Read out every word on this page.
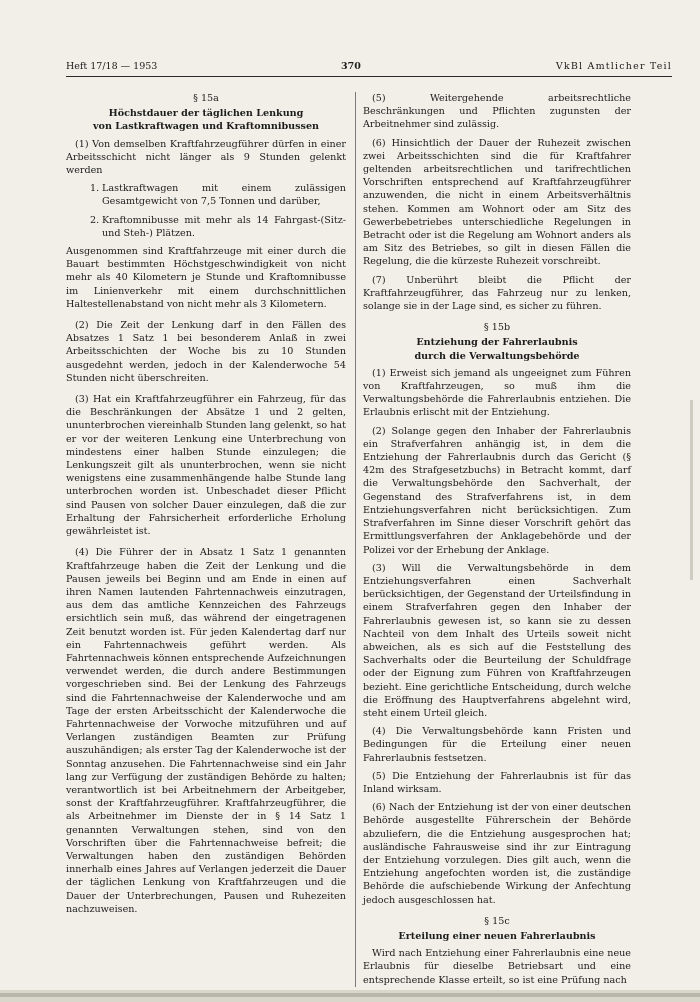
Heft 17/18 — 1953	370	VkBl Amtlicher Teil
§ 15a
Höchstdauer der täglichen Lenkung
von Lastkraftwagen und Kraftomnibussen

(1) Von demselben Kraftfahrzeugführer dürfen in einer Arbeitsschicht nicht länger als 9 Stunden gelenkt werden

1. Lastkraftwagen mit einem zulässigen Gesamtgewicht von 7,5 Tonnen und darüber,
2. Kraftomnibusse mit mehr als 14 Fahrgast-(Sitz- und Steh-) Plätzen.

Ausgenommen sind Kraftfahrzeuge mit einer durch die Bauart bestimmten Höchstgeschwindigkeit von nicht mehr als 40 Kilometern je Stunde und Kraftomnibusse im Linienverkehr mit einem durchschnittlichen Haltestellenabstand von nicht mehr als 3 Kilometern.

(2) Die Zeit der Lenkung darf in den Fällen des Absatzes 1 Satz 1 bei besonderem Anlaß in zwei Arbeitsschichten der Woche bis zu 10 Stunden ausgedehnt werden, jedoch in der Kalenderwoche 54 Stunden nicht überschreiten.

(3) Hat ein Kraftfahrzeugführer ein Fahrzeug, für das die Beschränkungen der Absätze 1 und 2 gelten, ununterbrochen viereinhalb Stunden lang gelenkt, so hat er vor der weiteren Lenkung eine Unterbrechung von mindestens einer halben Stunde einzulegen; die Lenkungszeit gilt als ununterbrochen, wenn sie nicht wenigstens eine zusammenhängende halbe Stunde lang unterbrochen worden ist. Unbeschadet dieser Pflicht sind Pausen von solcher Dauer einzulegen, daß die zur Erhaltung der Fahrsicherheit erforderliche Erholung gewährleistet ist.

(4) Die Führer der in Absatz 1 Satz 1 genannten Kraftfahrzeuge haben die Zeit der Lenkung und die Pausen jeweils bei Beginn und am Ende in einen auf ihren Namen lautenden Fahrtennachweis einzutragen, aus dem das amtliche Kennzeichen des Fahrzeugs ersichtlich sein muß, das während der eingetragenen Zeit benutzt worden ist. Für jeden Kalendertag darf nur ein Fahrtennachweis geführt werden. Als Fahrtennachweis können entsprechende Aufzeichnungen verwendet werden, die durch andere Bestimmungen vorgeschrieben sind. Bei der Lenkung des Fahrzeugs sind die Fahrtennachweise der Kalenderwoche und am Tage der ersten Arbeitsschicht der Kalenderwoche die Fahrtennachweise der Vorwoche mitzuführen und auf Verlangen zuständigen Beamten zur Prüfung auszuhändigen; als erster Tag der Kalenderwoche ist der Sonntag anzusehen. Die Fahrtennachweise sind ein Jahr lang zur Verfügung der zuständigen Behörde zu halten; verantwortlich ist bei Arbeitnehmern der Arbeitgeber, sonst der Kraftfahrzeugführer. Kraftfahrzeugführer, die als Arbeitnehmer im Dienste der in § 14 Satz 1 genannten Verwaltungen stehen, sind von den Vorschriften über die Fahrtennachweise befreit; die Verwaltungen haben den zuständigen Behörden innerhalb eines Jahres auf Verlangen jederzeit die Dauer der täglichen Lenkung von Kraftfahrzeugen und die Dauer der Unterbrechungen, Pausen und Ruhezeiten nachzuweisen.

(5) Weitergehende arbeitsrechtliche Beschränkungen und Pflichten zugunsten der Arbeitnehmer sind zulässig.

(6) Hinsichtlich der Dauer der Ruhezeit zwischen zwei Arbeitsschichten sind die für Kraftfahrer geltenden arbeitsrechtlichen und tarifrechtlichen Vorschriften entsprechend auf Kraftfahrzeugführer anzuwenden, die nicht in einem Arbeitsverhältnis stehen. Kommen am Wohnort oder am Sitz des Gewerbebetriebes unterschiedliche Regelungen in Betracht oder ist die Regelung am Wohnort anders als am Sitz des Betriebes, so gilt in diesen Fällen die Regelung, die die kürzeste Ruhezeit vorschreibt.

(7) Unberührt bleibt die Pflicht der Kraftfahrzeugführer, das Fahrzeug nur zu lenken, solange sie in der Lage sind, es sicher zu führen.

§ 15b
Entziehung der Fahrerlaubnis
durch die Verwaltungsbehörde

(1) Erweist sich jemand als ungeeignet zum Führen von Kraftfahrzeugen, so muß ihm die Verwaltungsbehörde die Fahrerlaubnis entziehen. Die Erlaubnis erlischt mit der Entziehung.

(2) Solange gegen den Inhaber der Fahrerlaubnis ein Strafverfahren anhängig ist, in dem die Entziehung der Fahrerlaubnis durch das Gericht (§ 42m des Strafgesetzbuchs) in Betracht kommt, darf die Verwaltungsbehörde den Sachverhalt, der Gegenstand des Strafverfahrens ist, in dem Entziehungsverfahren nicht berücksichtigen. Zum Strafverfahren im Sinne dieser Vorschrift gehört das Ermittlungsverfahren der Anklagebehörde und der Polizei vor der Erhebung der Anklage.

(3) Will die Verwaltungsbehörde in dem Entziehungsverfahren einen Sachverhalt berücksichtigen, der Gegenstand der Urteilsfindung in einem Strafverfahren gegen den Inhaber der Fahrerlaubnis gewesen ist, so kann sie zu dessen Nachteil von dem Inhalt des Urteils soweit nicht abweichen, als es sich auf die Feststellung des Sachverhalts oder die Beurteilung der Schuldfrage oder der Eignung zum Führen von Kraftfahrzeugen bezieht. Eine gerichtliche Entscheidung, durch welche die Eröffnung des Hauptverfahrens abgelehnt wird, steht einem Urteil gleich.

(4) Die Verwaltungsbehörde kann Fristen und Bedingungen für die Erteilung einer neuen Fahrerlaubnis festsetzen.

(5) Die Entziehung der Fahrerlaubnis ist für das Inland wirksam.

(6) Nach der Entziehung ist der von einer deutschen Behörde ausgestellte Führerschein der Behörde abzuliefern, die die Entziehung ausgesprochen hat; ausländische Fahrausweise sind ihr zur Eintragung der Entziehung vorzulegen. Dies gilt auch, wenn die Entziehung angefochten worden ist, die zuständige Behörde die aufschiebende Wirkung der Anfechtung jedoch ausgeschlossen hat.

§ 15c
Erteilung einer neuen Fahrerlaubnis

Wird nach Entziehung einer Fahrerlaubnis eine neue Erlaubnis für dieselbe Betriebsart und eine entsprechende Klasse erteilt, so ist eine Prüfung nach
